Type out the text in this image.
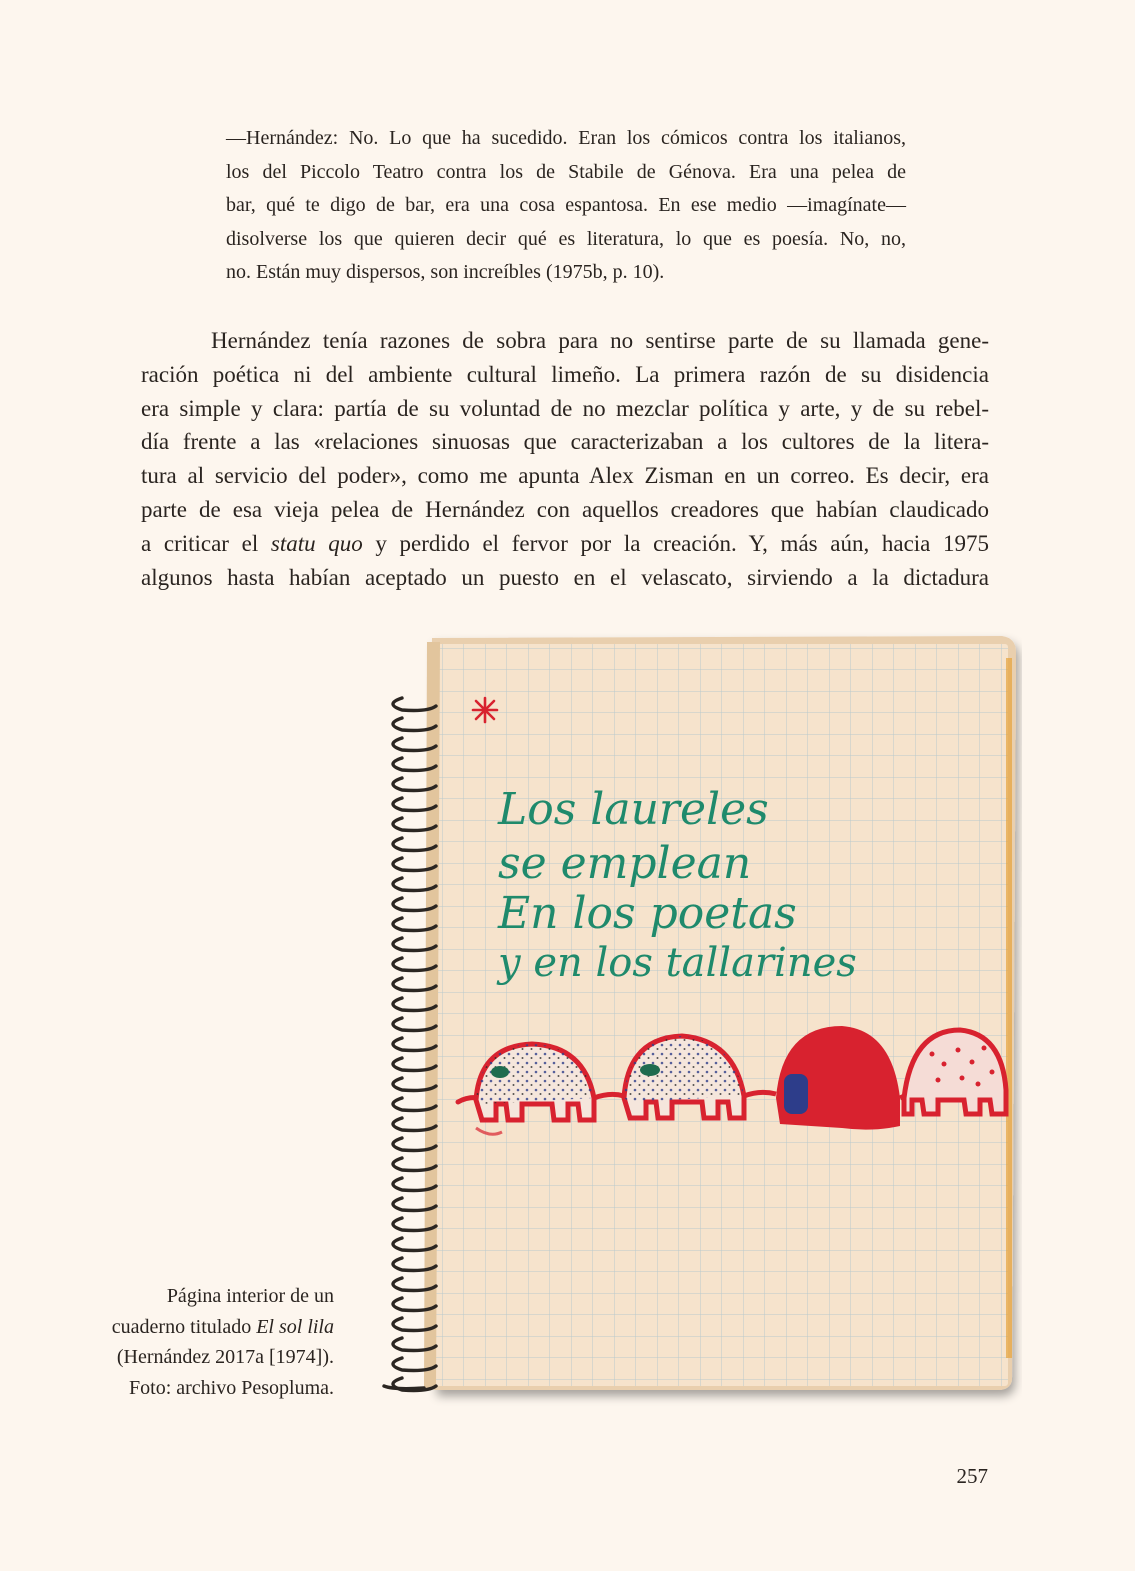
—Hernández: No. Lo que ha sucedido. Eran los cómicos contra los italianos,
los del Piccolo Teatro contra los de Stabile de Génova. Era una pelea de
bar, qué te digo de bar, era una cosa espantosa. En ese medio —imagínate—
disolverse los que quieren decir qué es literatura, lo que es poesía. No, no,
no. Están muy dispersos, son increíbles (1975b, p. 10).
Hernández tenía razones de sobra para no sentirse parte de su llamada gene-
ración poética ni del ambiente cultural limeño. La primera razón de su disidencia
era simple y clara: partía de su voluntad de no mezclar política y arte, y de su rebel-
día frente a las «relaciones sinuosas que caracterizaban a los cultores de la litera-
tura al servicio del poder», como me apunta Alex Zisman en un correo. Es decir, era
parte de esa vieja pelea de Hernández con aquellos creadores que habían claudicado
a criticar el statu quo y perdido el fervor por la creación. Y, más aún, hacia 1975
algunos hasta habían aceptado un puesto en el velascato, sirviendo a la dictadura
Los laureles
se emplean
En los poetas
y en los tallarines
Página interior de un
cuaderno titulado El sol lila
(Hernández 2017a [1974]).
Foto: archivo Pesopluma.
257
